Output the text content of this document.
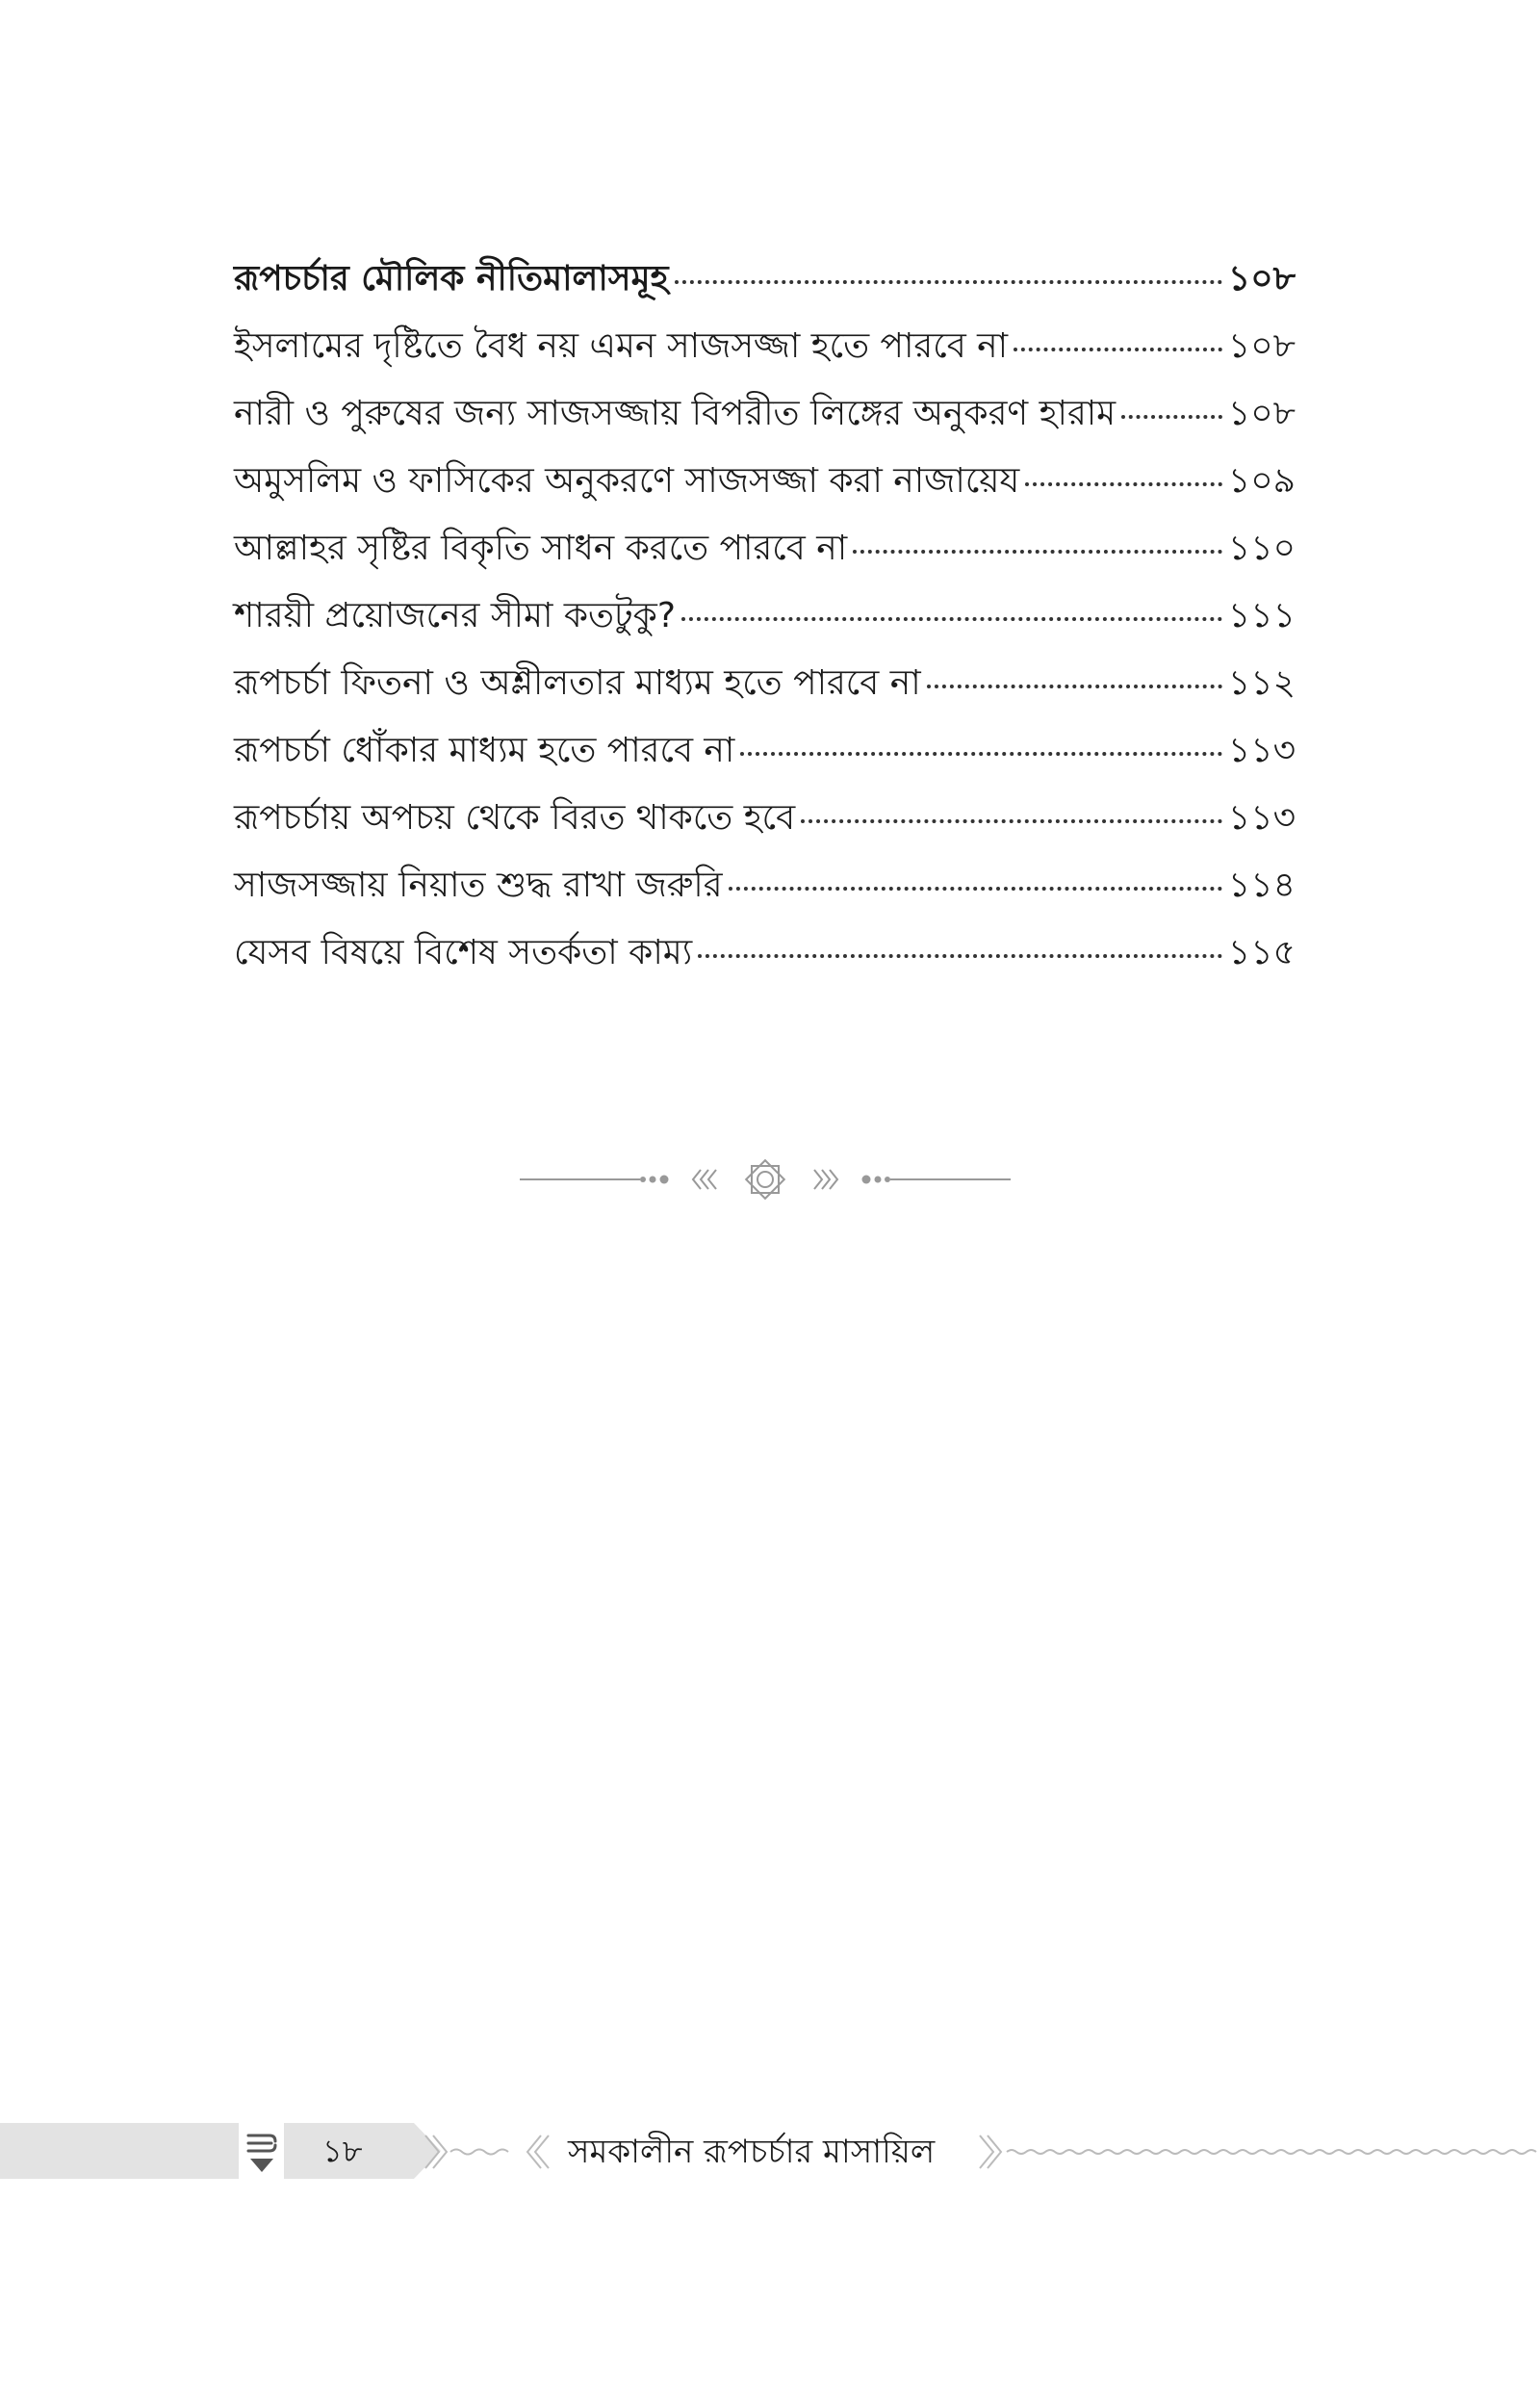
রূপচর্চার মৌলিক নীতিমালাসমূহ	১০৮
ইসলামের দৃষ্টিতে বৈধ নয় এমন সাজসজ্জা হতে পারবে না	১০৮
নারী ও পুরুষের জন্য সাজসজ্জায় বিপরীত লিঙ্গের অনুকরণ হারাম	১০৮
অমুসলিম ও ফাসিকের অনুকরণে সাজসজ্জা করা নাজায়েয	১০৯
আল্লাহর সৃষ্টির বিকৃতি সাধন করতে পারবে না	১১০
শারয়ী প্রয়োজনের সীমা কতটুকু?	১১১
রূপচর্চা ফিতনা ও অশ্লীলতার মাধ্যম হতে পারবে না	১১২
রূপচর্চা ধোঁকার মাধ্যম হতে পারবে না	১১৩
রূপচর্চায় অপচয় থেকে বিরত থাকতে হবে	১১৩
সাজসজ্জায় নিয়াত শুদ্ধ রাখা জরুরি	১১৪
যেসব বিষয়ে বিশেষ সতর্কতা কাম্য	১১৫
১৮	সমকালীন রূপচর্চার মাসায়িল
